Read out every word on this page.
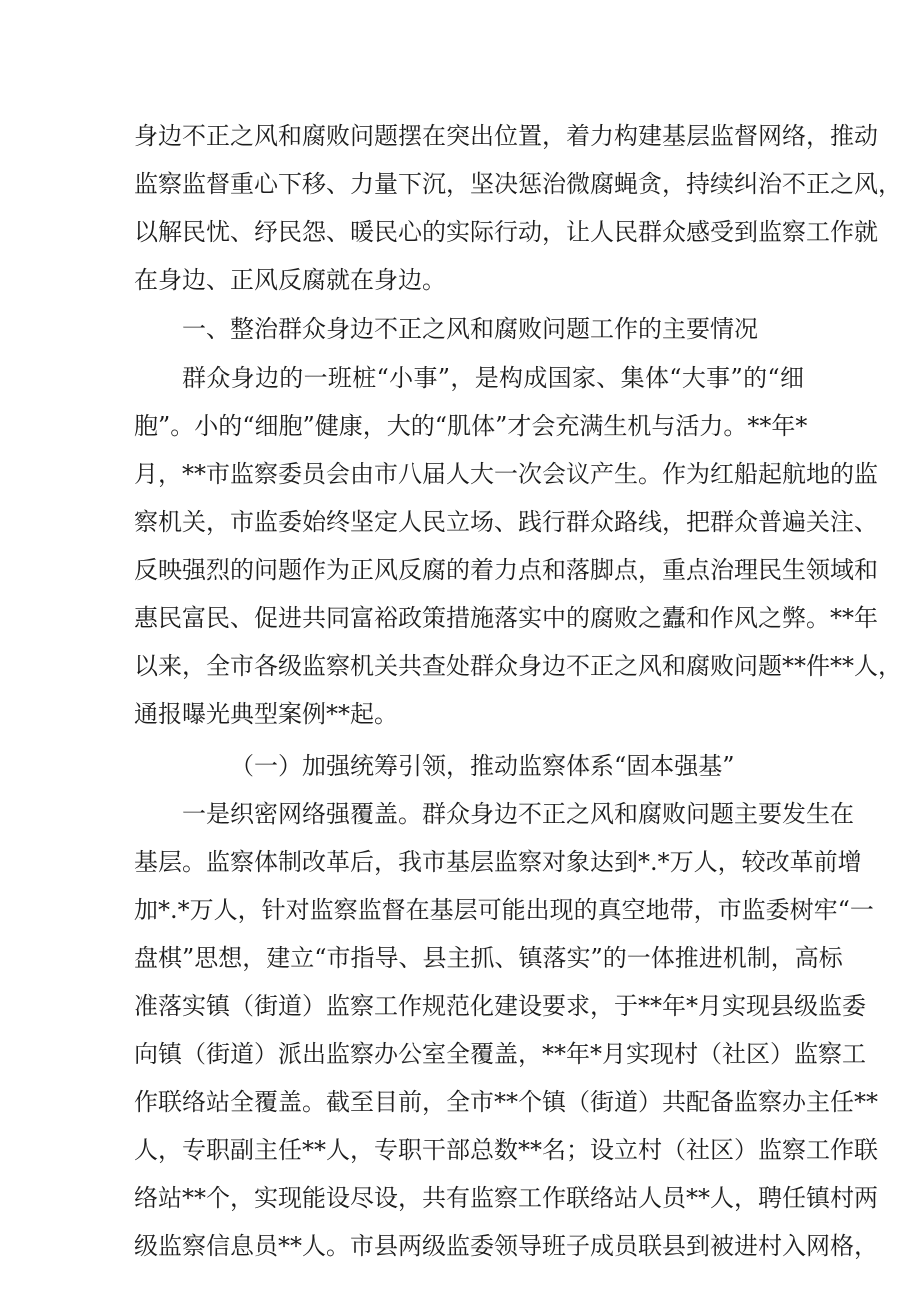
身边不正之风和腐败问题摆在突出位置，着力构建基层监督网络，推动
监察监督重心下移、力量下沉，坚决惩治微腐蝇贪，持续纠治不正之风，
以解民忧、纾民怨、暖民心的实际行动，让人民群众感受到监察工作就
在身边、正风反腐就在身边。
一、整治群众身边不正之风和腐败问题工作的主要情况
群众身边的一班桩“小事”，是构成国家、集体“大事”的“细
胞”。小的“细胞”健康，大的“肌体”才会充满生机与活力。**年*
月，**市监察委员会由市八届人大一次会议产生。作为红船起航地的监
察机关，市监委始终坚定人民立场、践行群众路线，把群众普遍关注、
反映强烈的问题作为正风反腐的着力点和落脚点，重点治理民生领域和
惠民富民、促进共同富裕政策措施落实中的腐败之蠹和作风之弊。**年
以来，全市各级监察机关共查处群众身边不正之风和腐败问题**件**人，
通报曝光典型案例**起。
（一）加强统筹引领，推动监察体系“固本强基”
一是织密网络强覆盖。群众身边不正之风和腐败问题主要发生在
基层。监察体制改革后，我市基层监察对象达到*.*万人，较改革前增
加*.*万人，针对监察监督在基层可能出现的真空地带，市监委树牢“一
盘棋”思想，建立“市指导、县主抓、镇落实”的一体推进机制，高标
准落实镇（街道）监察工作规范化建设要求，于**年*月实现县级监委
向镇（街道）派出监察办公室全覆盖，**年*月实现村（社区）监察工
作联络站全覆盖。截至目前，全市**个镇（街道）共配备监察办主任**
人，专职副主任**人，专职干部总数**名；设立村（社区）监察工作联
络站**个，实现能设尽设，共有监察工作联络站人员**人，聘任镇村两
级监察信息员**人。市县两级监委领导班子成员联县到被进村入网格，
